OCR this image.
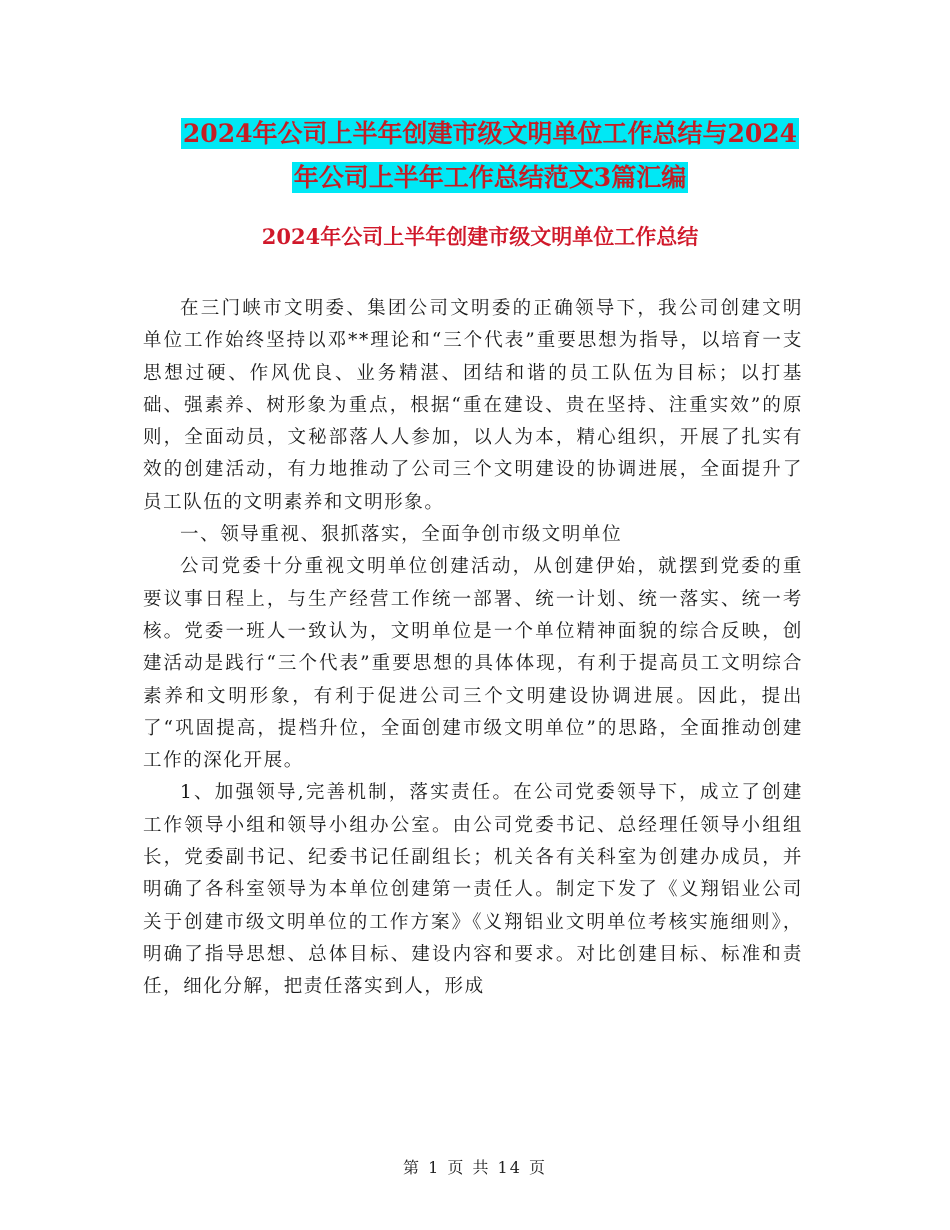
2024年公司上半年创建市级文明单位工作总结与2024
年公司上半年工作总结范文3篇汇编
2024年公司上半年创建市级文明单位工作总结

在三门峡市文明委、集团公司文明委的正确领导下，我公司创建文明单位工作始终坚持以邓**理论和“三个代表”重要思想为指导，以培育一支思想过硬、作风优良、业务精湛、团结和谐的员工队伍为目标；以打基础、强素养、树形象为重点，根据“重在建设、贵在坚持、注重实效”的原则，全面动员，文秘部落人人参加，以人为本，精心组织，开展了扎实有效的创建活动，有力地推动了公司三个文明建设的协调进展，全面提升了员工队伍的文明素养和文明形象。

一、领导重视、狠抓落实，全面争创市级文明单位

公司党委十分重视文明单位创建活动，从创建伊始，就摆到党委的重要议事日程上，与生产经营工作统一部署、统一计划、统一落实、统一考核。党委一班人一致认为，文明单位是一个单位精神面貌的综合反映，创建活动是践行“三个代表”重要思想的具体体现，有利于提高员工文明综合素养和文明形象，有利于促进公司三个文明建设协调进展。因此，提出了“巩固提高，提档升位，全面创建市级文明单位”的思路，全面推动创建工作的深化开展。

1、加强领导,完善机制，落实责任。在公司党委领导下，成立了创建工作领导小组和领导小组办公室。由公司党委书记、总经理任领导小组组长，党委副书记、纪委书记任副组长；机关各有关科室为创建办成员，并明确了各科室领导为本单位创建第一责任人。制定下发了《义翔铝业公司关于创建市级文明单位的工作方案》《义翔铝业文明单位考核实施细则》，明确了指导思想、总体目标、建设内容和要求。对比创建目标、标准和责任，细化分解，把责任落实到人，形成

第 1 页 共 14 页
